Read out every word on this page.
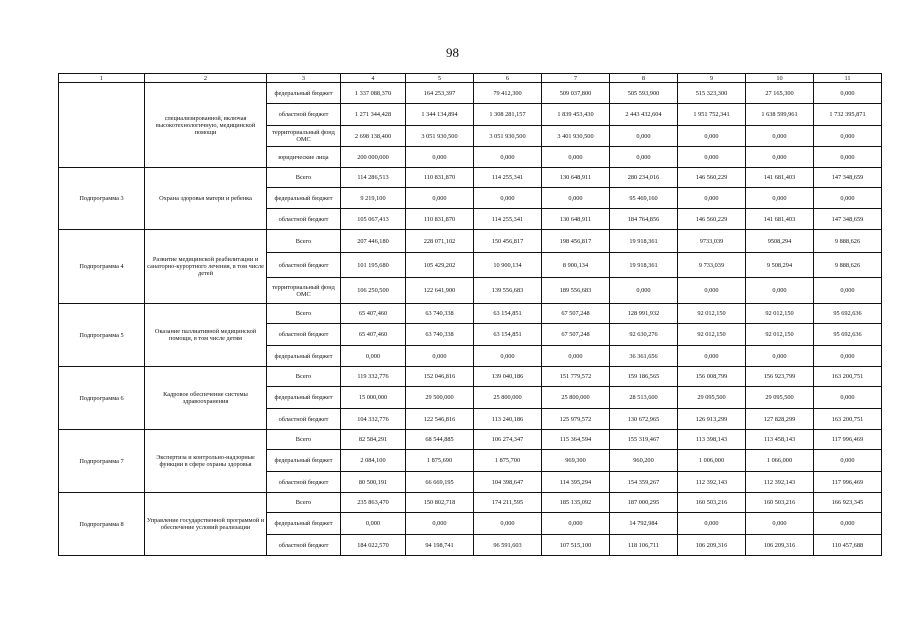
98
1	2	3	4	5	6	7	8	9	10	11
	специализированной, включая высокотехнологичную, медицинской помощи	федеральный бюджет	1 337 088,370	164 253,397	79 412,300	509 037,800	505 593,900	515 323,300	27 165,300	0,000
		областной бюджет	1 271 344,428	1 344 134,894	1 308 281,157	1 839 453,430	2 443 432,604	1 951 752,341	1 638 599,961	1 732 395,871
		территориальный фонд ОМС	2 698 138,400	3 051 930,500	3 051 930,500	3 401 930,500	0,000	0,000	0,000	0,000
		юридические лица	200 000,000	0,000	0,000	0,000	0,000	0,000	0,000	0,000
Подпрограмма 3	Охрана здоровья матери и ребенка	Всего	114 286,513	110 831,870	114 255,341	130 648,911	280 234,016	146 560,229	141 681,403	147 348,659
		федеральный бюджет	9 219,100	0,000	0,000	0,000	95 469,160	0,000	0,000	0,000
		областной бюджет	105 067,413	110 831,870	114 255,341	130 648,911	184 764,856	146 560,229	141 681,403	147 348,659
Подпрограмма 4	Развитие медицинской реабилитации и санаторно-курортного лечения, в том числе детей	Всего	207 446,180	228 071,102	150 456,817	198 456,817	19 918,361	9733,039	9508,294	9 888,626
		областной бюджет	101 195,680	105 429,202	10 900,134	8 900,134	19 918,361	9 733,039	9 508,294	9 888,626
		территориальный фонд ОМС	106 250,500	122 641,900	139 556,683	189 556,683	0,000	0,000	0,000	0,000
Подпрограмма 5	Оказание паллиативной медицинской помощи, в том числе детям	Всего	65 407,460	63 740,338	63 154,851	67 507,248	128 991,932	92 012,150	92 012,150	95 692,636
		областной бюджет	65 407,460	63 740,338	63 154,851	67 507,248	92 630,276	92 012,150	92 012,150	95 692,636
		федеральный бюджет	0,000	0,000	0,000	0,000	36 361,656	0,000	0,000	0,000
Подпрограмма 6	Кадровое обеспечение системы здравоохранения	Всего	119 332,776	152 046,816	139 040,186	151 779,572	159 186,565	156 008,799	156 923,799	163 200,751
		федеральный бюджет	15 000,000	29 500,000	25 800,000	25 800,000	28 513,600	29 095,500	29 095,500	0,000
		областной бюджет	104 332,776	122 546,816	113 240,186	125 979,572	130 672,965	126 913,299	127 828,299	163 200,751
Подпрограмма 7	Экспертиза и контрольно-надзорные функции в сфере охраны здоровья	Всего	82 584,291	68 544,885	106 274,347	115 364,594	155 319,467	113 398,143	113 458,143	117 996,469
		федеральный бюджет	2 084,100	1 875,690	1 875,700	969,300	960,200	1 006,000	1 066,000	0,000
		областной бюджет	80 500,191	66 669,195	104 398,647	114 395,294	154 359,267	112 392,143	112 392,143	117 996,469
Подпрограмма 8	Управление государственной программой и обеспечение условий реализации	Всего	235 863,470	150 802,718	174 211,595	185 135,092	187 000,295	160 503,216	160 503,216	166 923,345
		федеральный бюджет	0,000	0,000	0,000	0,000	14 792,984	0,000	0,000	0,000
		областной бюджет	184 022,570	94 198,741	96 591,603	107 515,100	118 106,711	106 209,316	106 209,316	110 457,688
